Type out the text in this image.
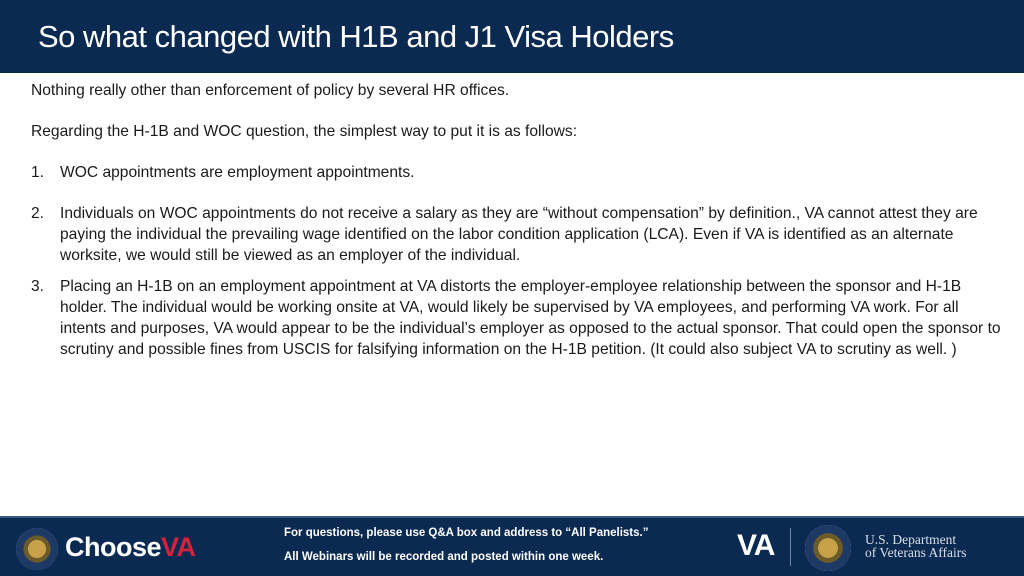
So what changed with H1B and J1 Visa Holders
Nothing really other than enforcement of policy by several HR offices.
Regarding the H-1B and WOC question, the simplest way to put it is as follows:
1.	WOC appointments are employment appointments.
2.	Individuals on WOC appointments do not receive a salary as they are “without compensation” by definition., VA cannot attest they are paying the individual the prevailing wage identified on the labor condition application (LCA). Even if VA is identified as an alternate worksite, we would still be viewed as an employer of the individual.
3.	Placing an H-1B on an employment appointment at VA distorts the employer-employee relationship between the sponsor and H-1B holder. The individual would be working onsite at VA, would likely be supervised by VA employees, and performing VA work. For all intents and purposes, VA would appear to be the individual’s employer as opposed to the actual sponsor. That could open the sponsor to scrutiny and possible fines from USCIS for falsifying information on the H-1B petition. (It could also subject VA to scrutiny as well. )
ChooseVA	For questions, please use Q&A box and address to “All Panelists.”
All Webinars will be recorded and posted within one week.	VA	U.S. Department
of Veterans Affairs
